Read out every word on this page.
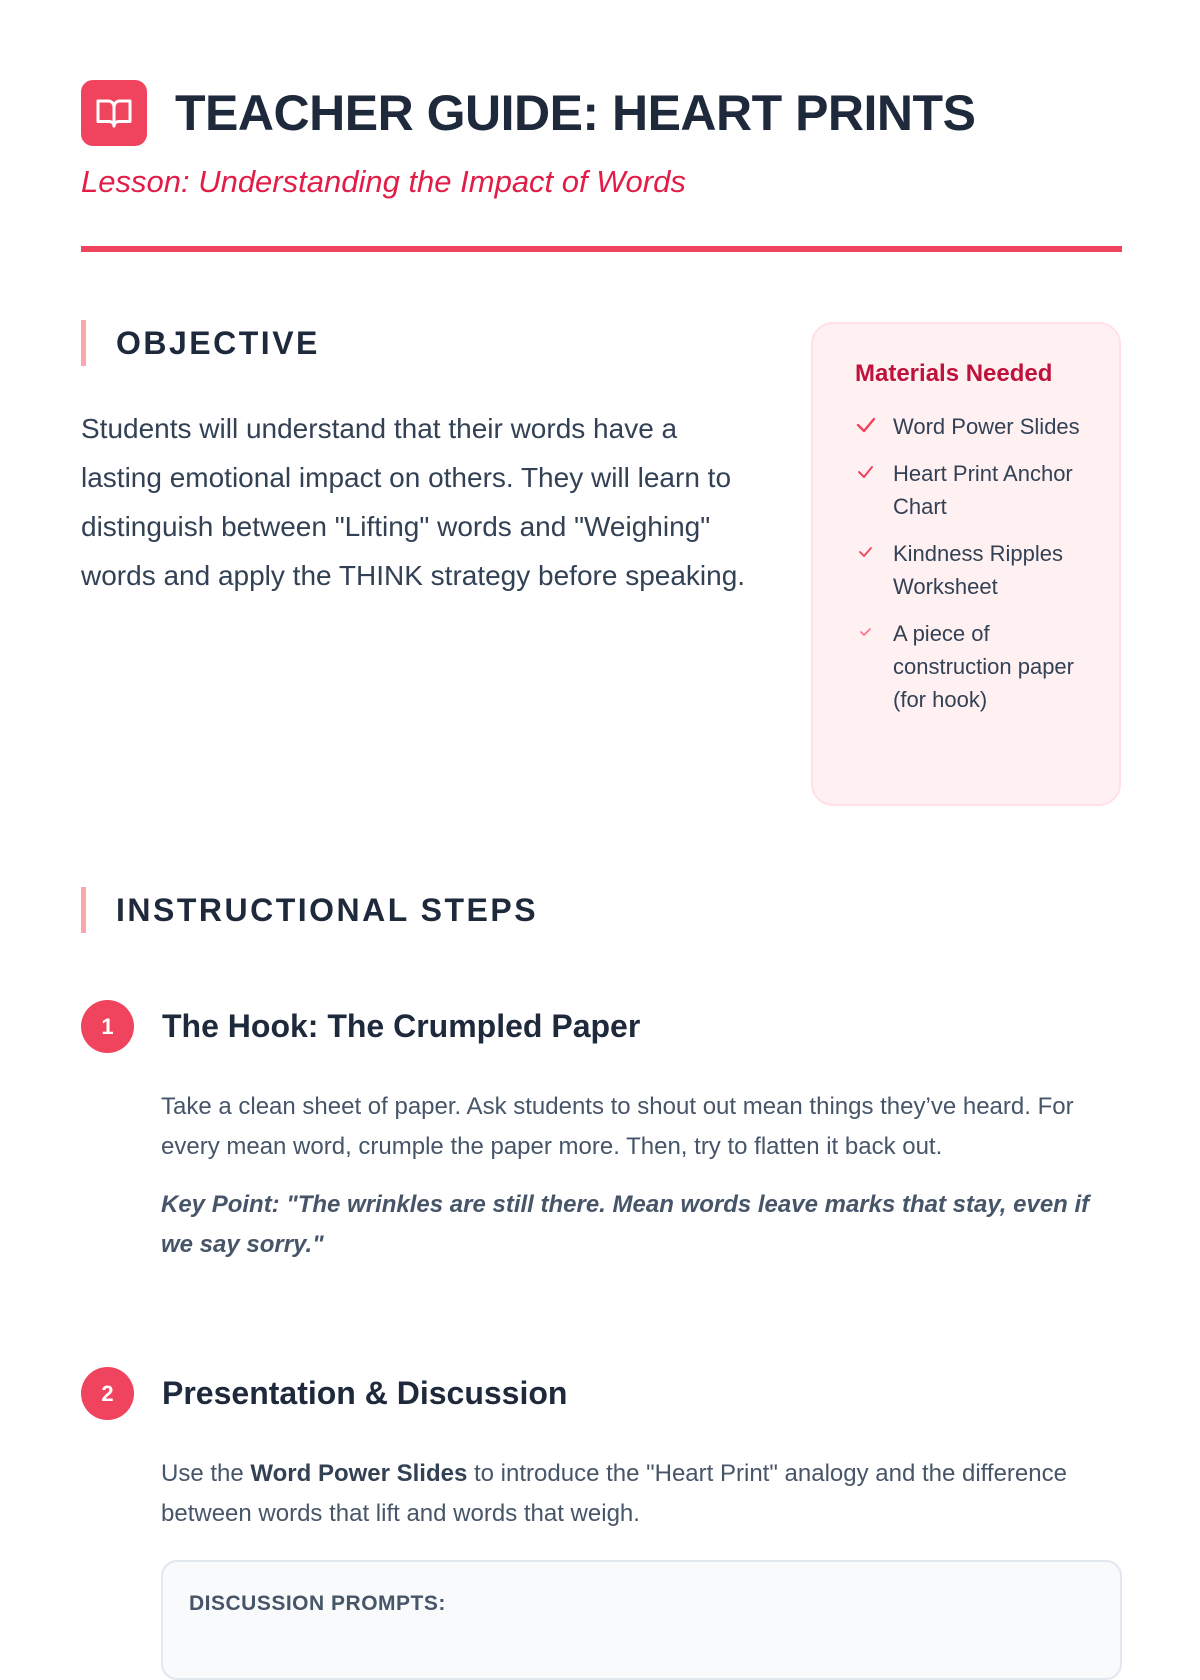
TEACHER GUIDE: HEART PRINTS
Lesson: Understanding the Impact of Words
OBJECTIVE
Students will understand that their words have a lasting emotional impact on others. They will learn to distinguish between "Lifting" words and "Weighing" words and apply the THINK strategy before speaking.
Materials Needed
Word Power Slides
Heart Print Anchor Chart
Kindness Ripples Worksheet
A piece of construction paper (for hook)
INSTRUCTIONAL STEPS
1	The Hook: The Crumpled Paper

Take a clean sheet of paper. Ask students to shout out mean things they’ve heard. For every mean word, crumple the paper more. Then, try to flatten it back out.

Key Point: "The wrinkles are still there. Mean words leave marks that stay, even if we say sorry."

2	Presentation & Discussion

Use the Word Power Slides to introduce the "Heart Print" analogy and the difference between words that lift and words that weigh.

DISCUSSION PROMPTS:
